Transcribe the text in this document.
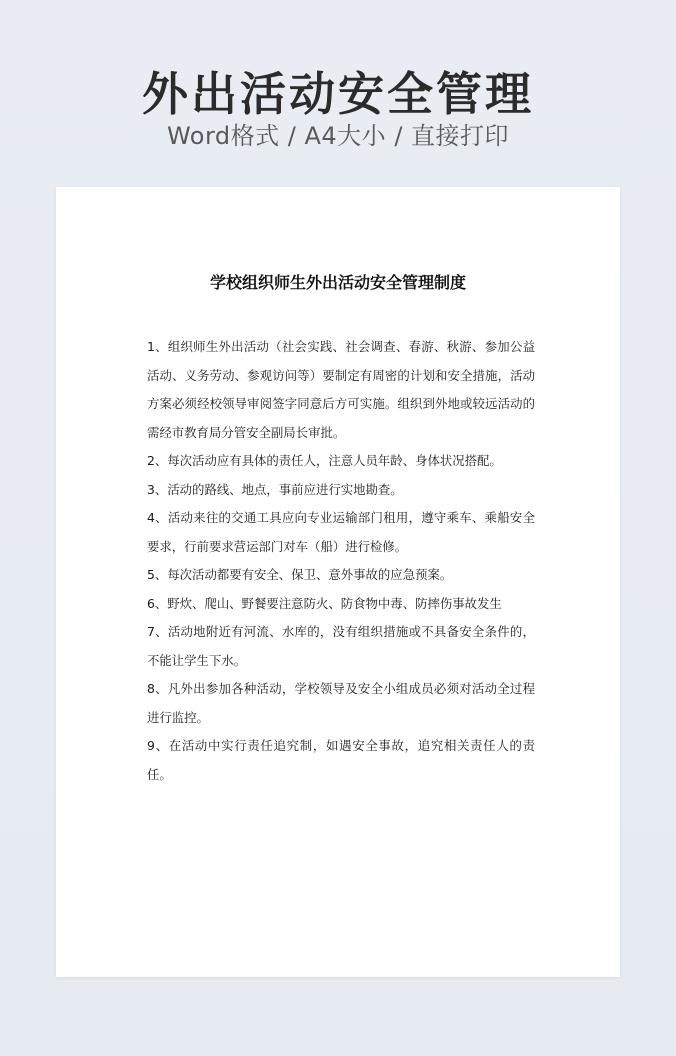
外出活动安全管理
Word格式 / A4大小 / 直接打印
学校组织师生外出活动安全管理制度

1、组织师生外出活动（社会实践、社会调查、春游、秋游、参加公益活动、义务劳动、参观访问等）要制定有周密的计划和安全措施，活动方案必须经校领导审阅签字同意后方可实施。组织到外地或较远活动的需经市教育局分管安全副局长审批。

2、每次活动应有具体的责任人，注意人员年龄、身体状况搭配。

3、活动的路线、地点，事前应进行实地勘查。

4、活动来往的交通工具应向专业运输部门租用，遵守乘车、乘船安全要求，行前要求营运部门对车（船）进行检修。

5、每次活动都要有安全、保卫、意外事故的应急预案。

6、野炊、爬山、野餐要注意防火、防食物中毒、防摔伤事故发生

7、活动地附近有河流、水库的，没有组织措施或不具备安全条件的，不能让学生下水。

8、凡外出参加各种活动，学校领导及安全小组成员必须对活动全过程进行监控。

9、在活动中实行责任追究制，如遇安全事故，追究相关责任人的责任。
